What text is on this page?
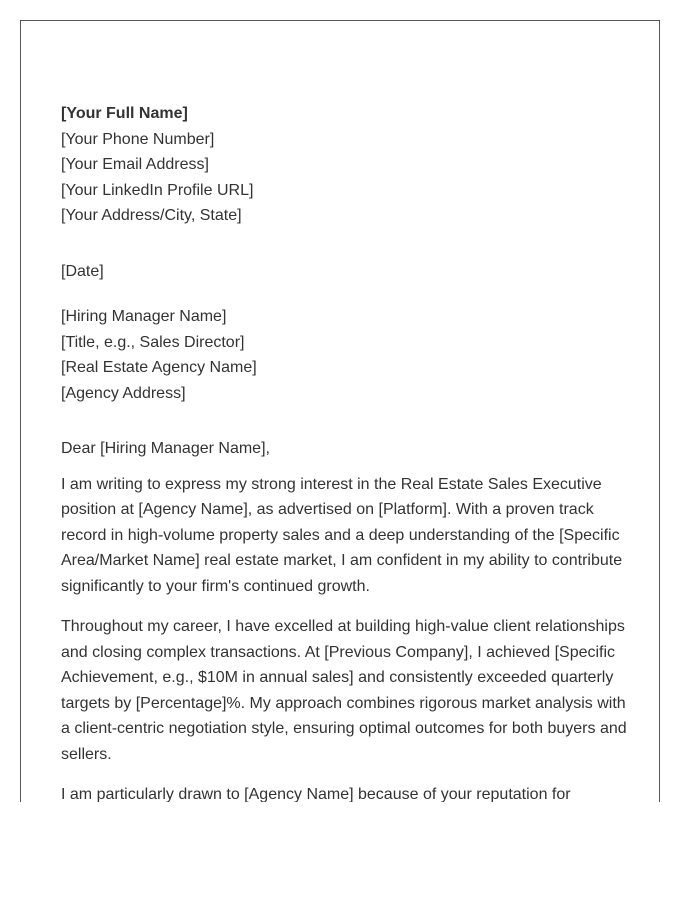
[Your Full Name]
[Your Phone Number]
[Your Email Address]
[Your LinkedIn Profile URL]
[Your Address/City, State]
[Date]
[Hiring Manager Name]
[Title, e.g., Sales Director]
[Real Estate Agency Name]
[Agency Address]
Dear [Hiring Manager Name],

I am writing to express my strong interest in the Real Estate Sales Executive position at [Agency Name], as advertised on [Platform]. With a proven track record in high-volume property sales and a deep understanding of the [Specific Area/Market Name] real estate market, I am confident in my ability to contribute significantly to your firm's continued growth.

Throughout my career, I have excelled at building high-value client relationships and closing complex transactions. At [Previous Company], I achieved [Specific Achievement, e.g., $10M in annual sales] and consistently exceeded quarterly targets by [Percentage]%. My approach combines rigorous market analysis with a client-centric negotiation style, ensuring optimal outcomes for both buyers and sellers.

I am particularly drawn to [Agency Name] because of your reputation for
